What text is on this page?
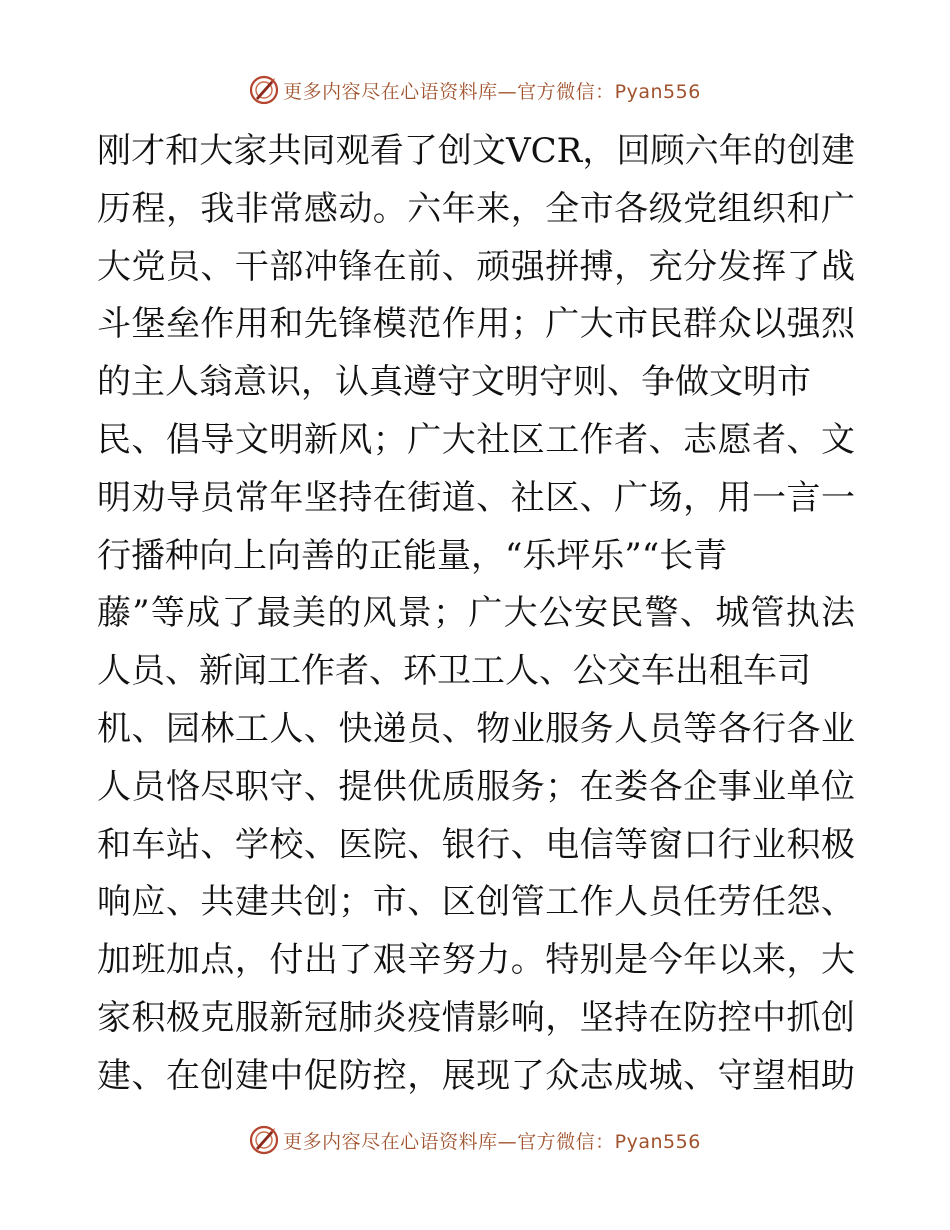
更多内容尽在心语资料库—官方微信：Pyan556
刚才和大家共同观看了创文VCR，回顾六年的创建
历程，我非常感动。六年来，全市各级党组织和广
大党员、干部冲锋在前、顽强拼搏，充分发挥了战
斗堡垒作用和先锋模范作用；广大市民群众以强烈
的主人翁意识，认真遵守文明守则、争做文明市
民、倡导文明新风；广大社区工作者、志愿者、文
明劝导员常年坚持在街道、社区、广场，用一言一
行播种向上向善的正能量，“乐坪乐”“长青
藤”等成了最美的风景；广大公安民警、城管执法
人员、新闻工作者、环卫工人、公交车出租车司
机、园林工人、快递员、物业服务人员等各行各业
人员恪尽职守、提供优质服务；在娄各企事业单位
和车站、学校、医院、银行、电信等窗口行业积极
响应、共建共创；市、区创管工作人员任劳任怨、
加班加点，付出了艰辛努力。特别是今年以来，大
家积极克服新冠肺炎疫情影响，坚持在防控中抓创
建、在创建中促防控，展现了众志成城、守望相助
更多内容尽在心语资料库—官方微信：Pyan556
